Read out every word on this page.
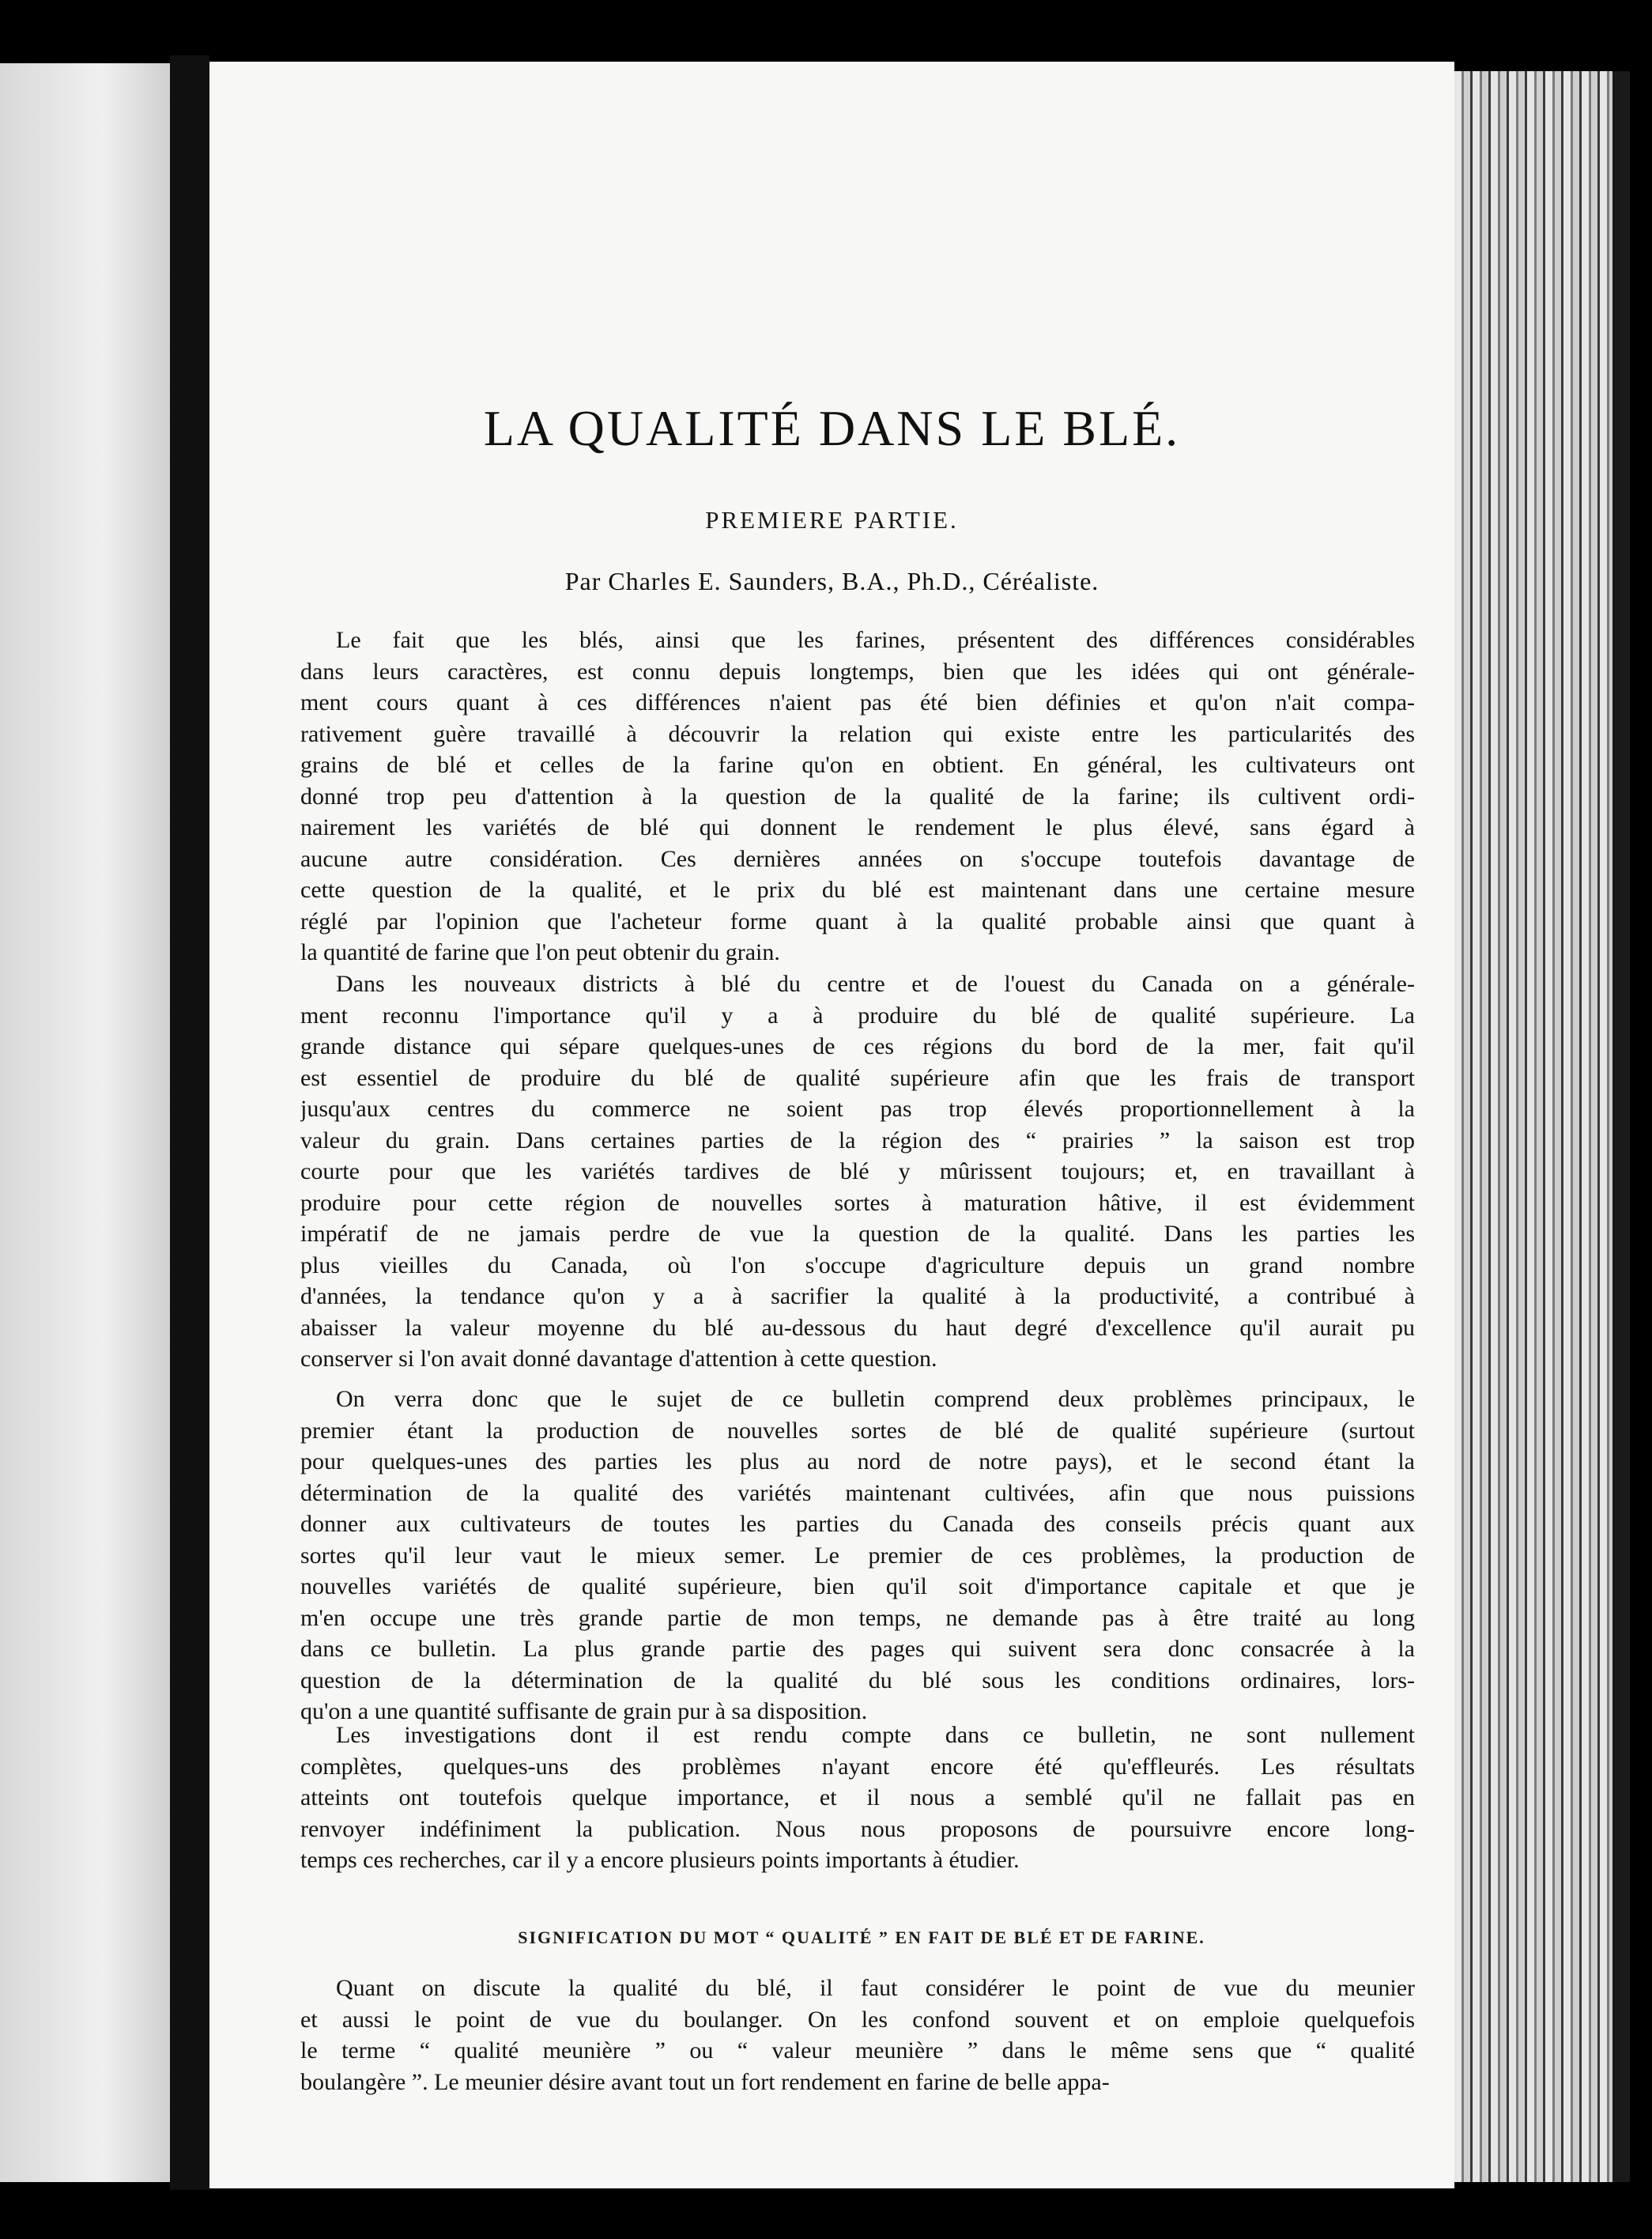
LA QUALITÉ DANS LE BLÉ.
PREMIERE PARTIE.
Par Charles E. Saunders, B.A., Ph.D., Céréaliste.
Le fait que les blés, ainsi que les farines, présentent des différences considérables
dans leurs caractères, est connu depuis longtemps, bien que les idées qui ont générale-
ment cours quant à ces différences n'aient pas été bien définies et qu'on n'ait compa-
rativement guère travaillé à découvrir la relation qui existe entre les particularités des
grains de blé et celles de la farine qu'on en obtient. En général, les cultivateurs ont
donné trop peu d'attention à la question de la qualité de la farine; ils cultivent ordi-
nairement les variétés de blé qui donnent le rendement le plus élevé, sans égard à
aucune autre considération. Ces dernières années on s'occupe toutefois davantage de
cette question de la qualité, et le prix du blé est maintenant dans une certaine mesure
réglé par l'opinion que l'acheteur forme quant à la qualité probable ainsi que quant à
la quantité de farine que l'on peut obtenir du grain.
Dans les nouveaux districts à blé du centre et de l'ouest du Canada on a générale-
ment reconnu l'importance qu'il y a à produire du blé de qualité supérieure. La
grande distance qui sépare quelques-unes de ces régions du bord de la mer, fait qu'il
est essentiel de produire du blé de qualité supérieure afin que les frais de transport
jusqu'aux centres du commerce ne soient pas trop élevés proportionnellement à la
valeur du grain. Dans certaines parties de la région des “ prairies ” la saison est trop
courte pour que les variétés tardives de blé y mûrissent toujours; et, en travaillant à
produire pour cette région de nouvelles sortes à maturation hâtive, il est évidemment
impératif de ne jamais perdre de vue la question de la qualité. Dans les parties les
plus vieilles du Canada, où l'on s'occupe d'agriculture depuis un grand nombre
d'années, la tendance qu'on y a à sacrifier la qualité à la productivité, a contribué à
abaisser la valeur moyenne du blé au-dessous du haut degré d'excellence qu'il aurait pu
conserver si l'on avait donné davantage d'attention à cette question.
On verra donc que le sujet de ce bulletin comprend deux problèmes principaux, le
premier étant la production de nouvelles sortes de blé de qualité supérieure (surtout
pour quelques-unes des parties les plus au nord de notre pays), et le second étant la
détermination de la qualité des variétés maintenant cultivées, afin que nous puissions
donner aux cultivateurs de toutes les parties du Canada des conseils précis quant aux
sortes qu'il leur vaut le mieux semer. Le premier de ces problèmes, la production de
nouvelles variétés de qualité supérieure, bien qu'il soit d'importance capitale et que je
m'en occupe une très grande partie de mon temps, ne demande pas à être traité au long
dans ce bulletin. La plus grande partie des pages qui suivent sera donc consacrée à la
question de la détermination de la qualité du blé sous les conditions ordinaires, lors-
qu'on a une quantité suffisante de grain pur à sa disposition.
Les investigations dont il est rendu compte dans ce bulletin, ne sont nullement
complètes, quelques-uns des problèmes n'ayant encore été qu'effleurés. Les résultats
atteints ont toutefois quelque importance, et il nous a semblé qu'il ne fallait pas en
renvoyer indéfiniment la publication. Nous nous proposons de poursuivre encore long-
temps ces recherches, car il y a encore plusieurs points importants à étudier.
Quant on discute la qualité du blé, il faut considérer le point de vue du meunier
et aussi le point de vue du boulanger. On les confond souvent et on emploie quelquefois
le terme “ qualité meunière ” ou “ valeur meunière ” dans le même sens que “ qualité
boulangère ”. Le meunier désire avant tout un fort rendement en farine de belle appa-
SIGNIFICATION DU MOT “ QUALITÉ ” EN FAIT DE BLÉ ET DE FARINE.
